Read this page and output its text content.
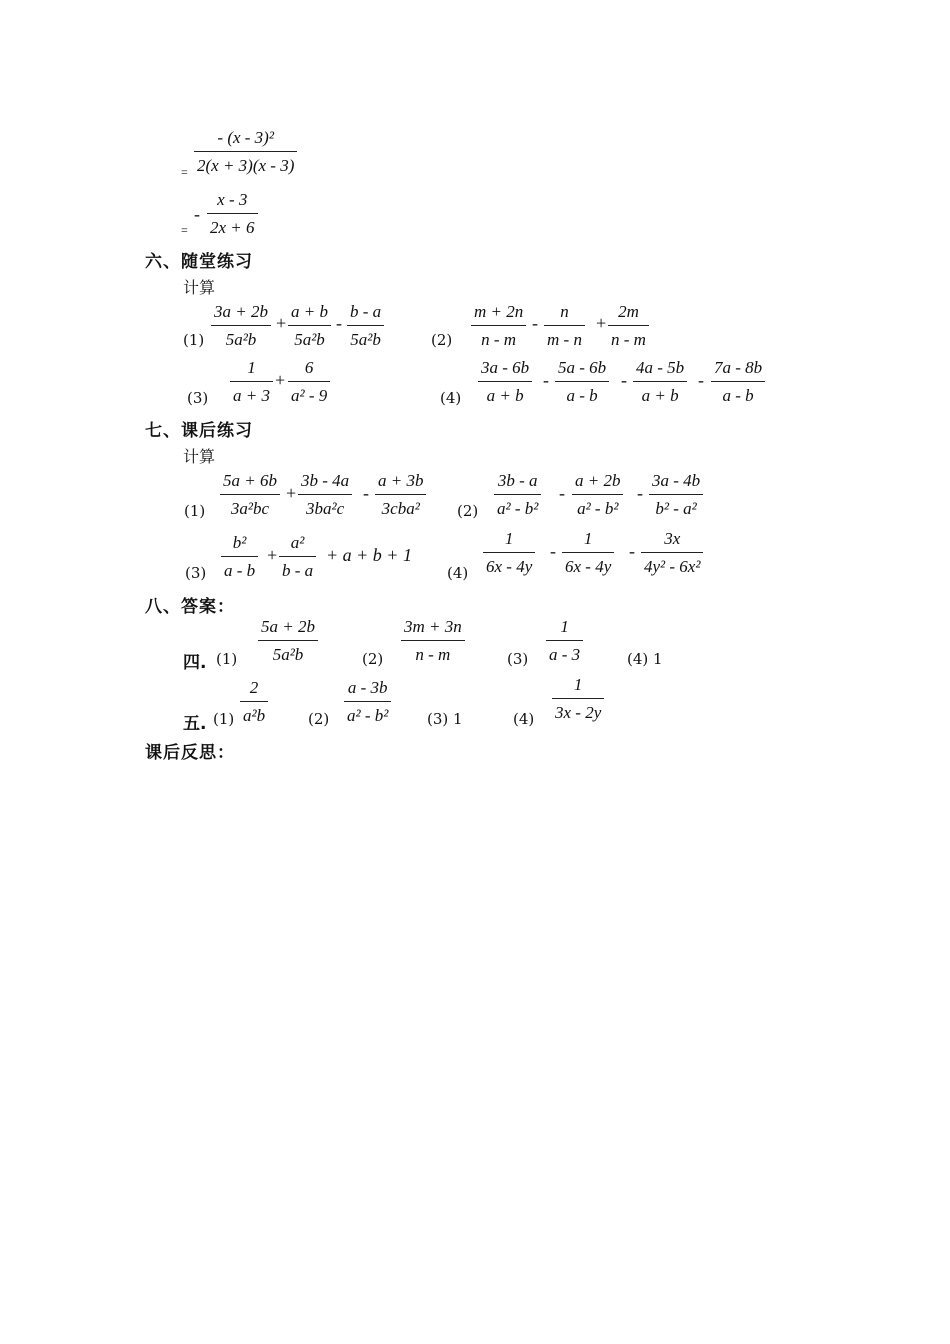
=
- (x - 3)²
2(x + 3)(x - 3)
=
-
x - 3
2x + 6
六、随堂练习
计算
(1)
3a + 2b
5a²b
+
a + b
5a²b
-
b - a
5a²b	(2)
m + 2n
n - m
-
n
m - n
+
2m
n - m
(3)
1
a + 3
+
6
a² - 9	(4)
3a - 6b
a + b
-
5a - 6b
a - b
-
4a - 5b
a + b
-
7a - 8b
a - b
七、课后练习
计算
(1)
5a + 6b
3a²bc
+
3b - 4a
3ba²c
-
a + 3b
3cba² (2)
3b - a
a² - b²
-
a + 2b
a² - b²
-
3a - 4b
b² - a²
(3)
b²
a - b
+
a²
b - a
+ a + b + 1
(4)
1
6x - 4y
-
1
6x - 4y
-
3x
4y² - 6x²
八、答案：
四. (1)
5a + 2b
5a²b	(2)
3m + 3n
n - m	(3)
1
a - 3	(4) 1
五. (1)
2
a²b	(2)
a - 3b
a² - b²	(3) 1	(4)
1
3x - 2y
课后反思：
